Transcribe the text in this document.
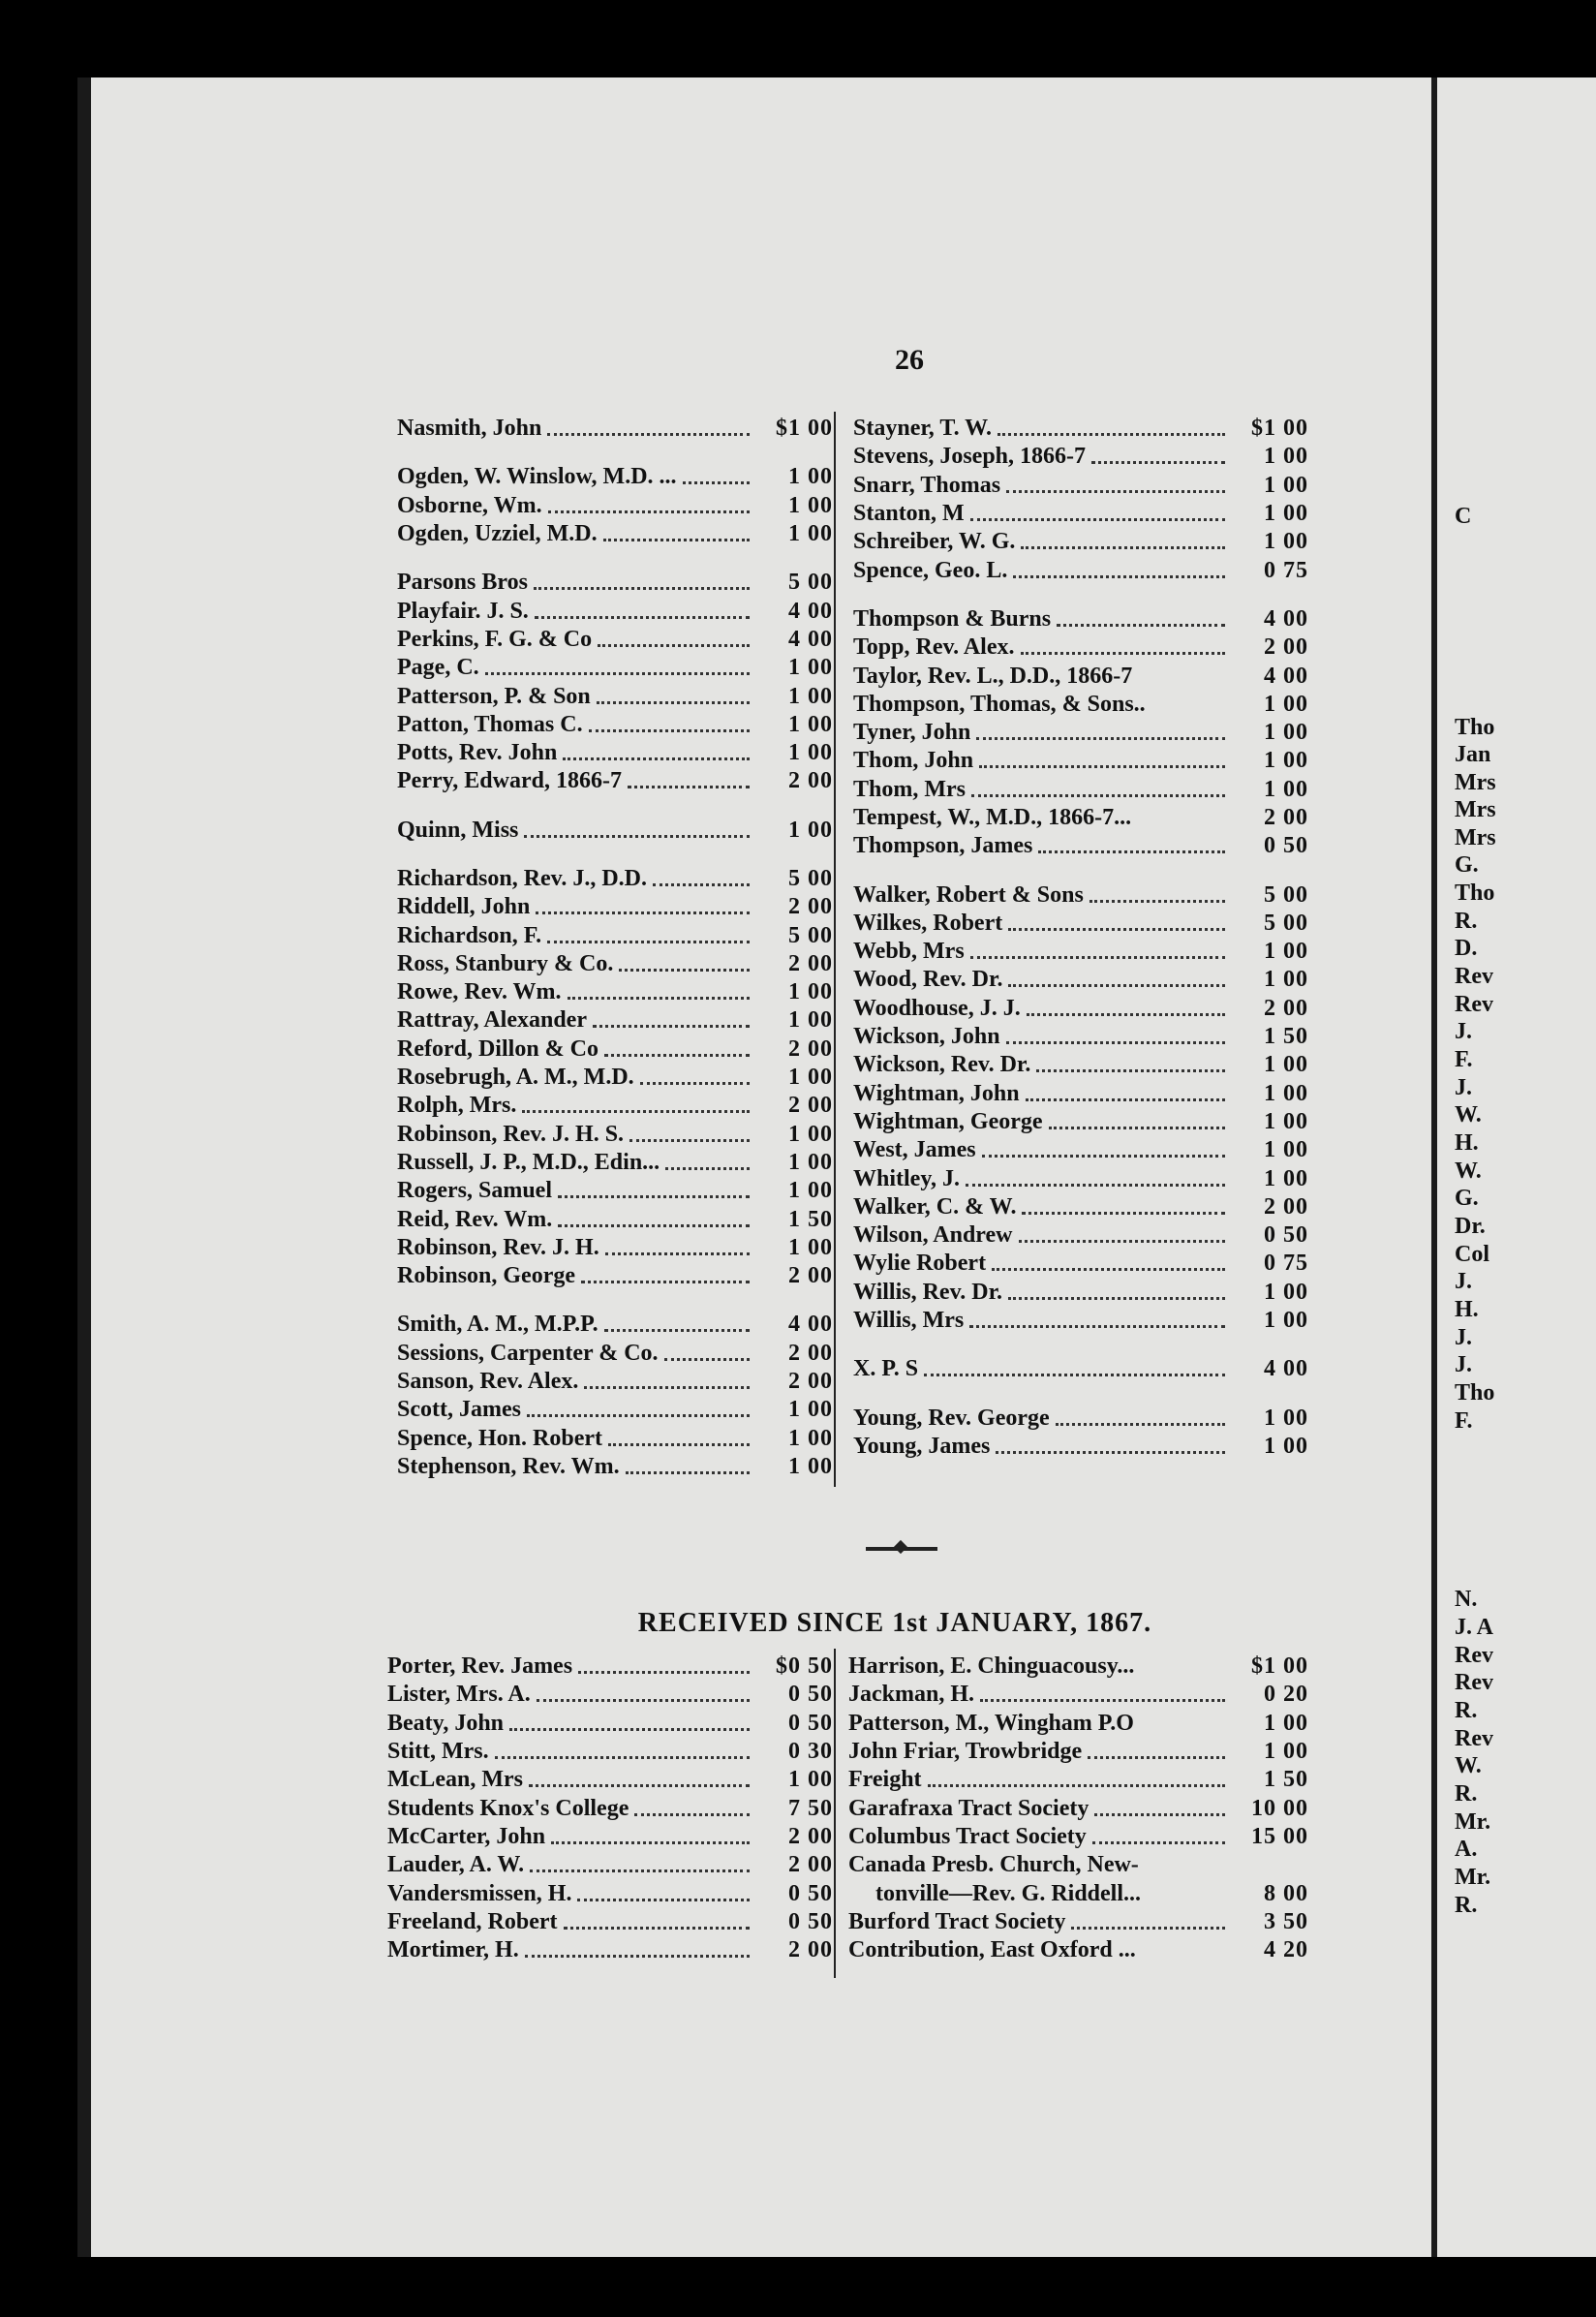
26
Nasmith, John	$1 00
Ogden, W. Winslow, M.D. ...	1 00
Osborne, Wm.	1 00
Ogden, Uzziel, M.D.	1 00
Parsons Bros	5 00
Playfair. J. S.	4 00
Perkins, F. G. & Co	4 00
Page, C.	1 00
Patterson, P. & Son	1 00
Patton, Thomas C.	1 00
Potts, Rev. John	1 00
Perry, Edward, 1866-7	2 00
Quinn, Miss	1 00
Richardson, Rev. J., D.D.	5 00
Riddell, John	2 00
Richardson, F.	5 00
Ross, Stanbury & Co.	2 00
Rowe, Rev. Wm.	1 00
Rattray, Alexander	1 00
Reford, Dillon & Co	2 00
Rosebrugh, A. M., M.D.	1 00
Rolph, Mrs.	2 00
Robinson, Rev. J. H. S.	1 00
Russell, J. P., M.D., Edin...	1 00
Rogers, Samuel	1 00
Reid, Rev. Wm.	1 50
Robinson, Rev. J. H.	1 00
Robinson, George	2 00
Smith, A. M., M.P.P.	4 00
Sessions, Carpenter & Co.	2 00
Sanson, Rev. Alex.	2 00
Scott, James	1 00
Spence, Hon. Robert	1 00
Stephenson, Rev. Wm.	1 00
Stayner, T. W.	$1 00
Stevens, Joseph, 1866-7	1 00
Snarr, Thomas	1 00
Stanton, M	1 00
Schreiber, W. G.	1 00
Spence, Geo. L.	0 75
Thompson & Burns	4 00
Topp, Rev. Alex.	2 00
Taylor, Rev. L., D.D., 1866-7	4 00
Thompson, Thomas, & Sons..	1 00
Tyner, John	1 00
Thom, John	1 00
Thom, Mrs	1 00
Tempest, W., M.D., 1866-7...	2 00
Thompson, James	0 50
Walker, Robert & Sons	5 00
Wilkes, Robert	5 00
Webb, Mrs	1 00
Wood, Rev. Dr.	1 00
Woodhouse, J. J.	2 00
Wickson, John	1 50
Wickson, Rev. Dr.	1 00
Wightman, John	1 00
Wightman, George	1 00
West, James	1 00
Whitley, J.	1 00
Walker, C. & W.	2 00
Wilson, Andrew	0 50
Wylie Robert	0 75
Willis, Rev. Dr.	1 00
Willis, Mrs	1 00
X. P. S	4 00
Young, Rev. George	1 00
Young, James	1 00
RECEIVED SINCE 1st JANUARY, 1867.
Porter, Rev. James	$0 50
Lister, Mrs. A.	0 50
Beaty, John	0 50
Stitt, Mrs.	0 30
McLean, Mrs	1 00
Students Knox's College	7 50
McCarter, John	2 00
Lauder, A. W.	2 00
Vandersmissen, H.	0 50
Freeland, Robert	0 50
Mortimer, H.	2 00
Harrison, E. Chinguacousy...	$1 00
Jackman, H.	0 20
Patterson, M., Wingham P.O	1 00
John Friar, Trowbridge	1 00
Freight	1 50
Garafraxa Tract Society	10 00
Columbus Tract Society	15 00
Canada Presb. Church, New-
tonville—Rev. G. Riddell...	8 00
Burford Tract Society	3 50
Contribution, East Oxford ...	4 20
C
Tho
Jan
Mrs
Mrs
Mrs
G.
Tho
R.
D.
Rev
Rev
J.
F.
J.
W.
H.
W.
G.
Dr.
Col
J.
H.
J.
J.
Tho
F.
N.
J. A
Rev
Rev
R.
Rev
W.
R.
Mr.
A.
Mr.
R.
